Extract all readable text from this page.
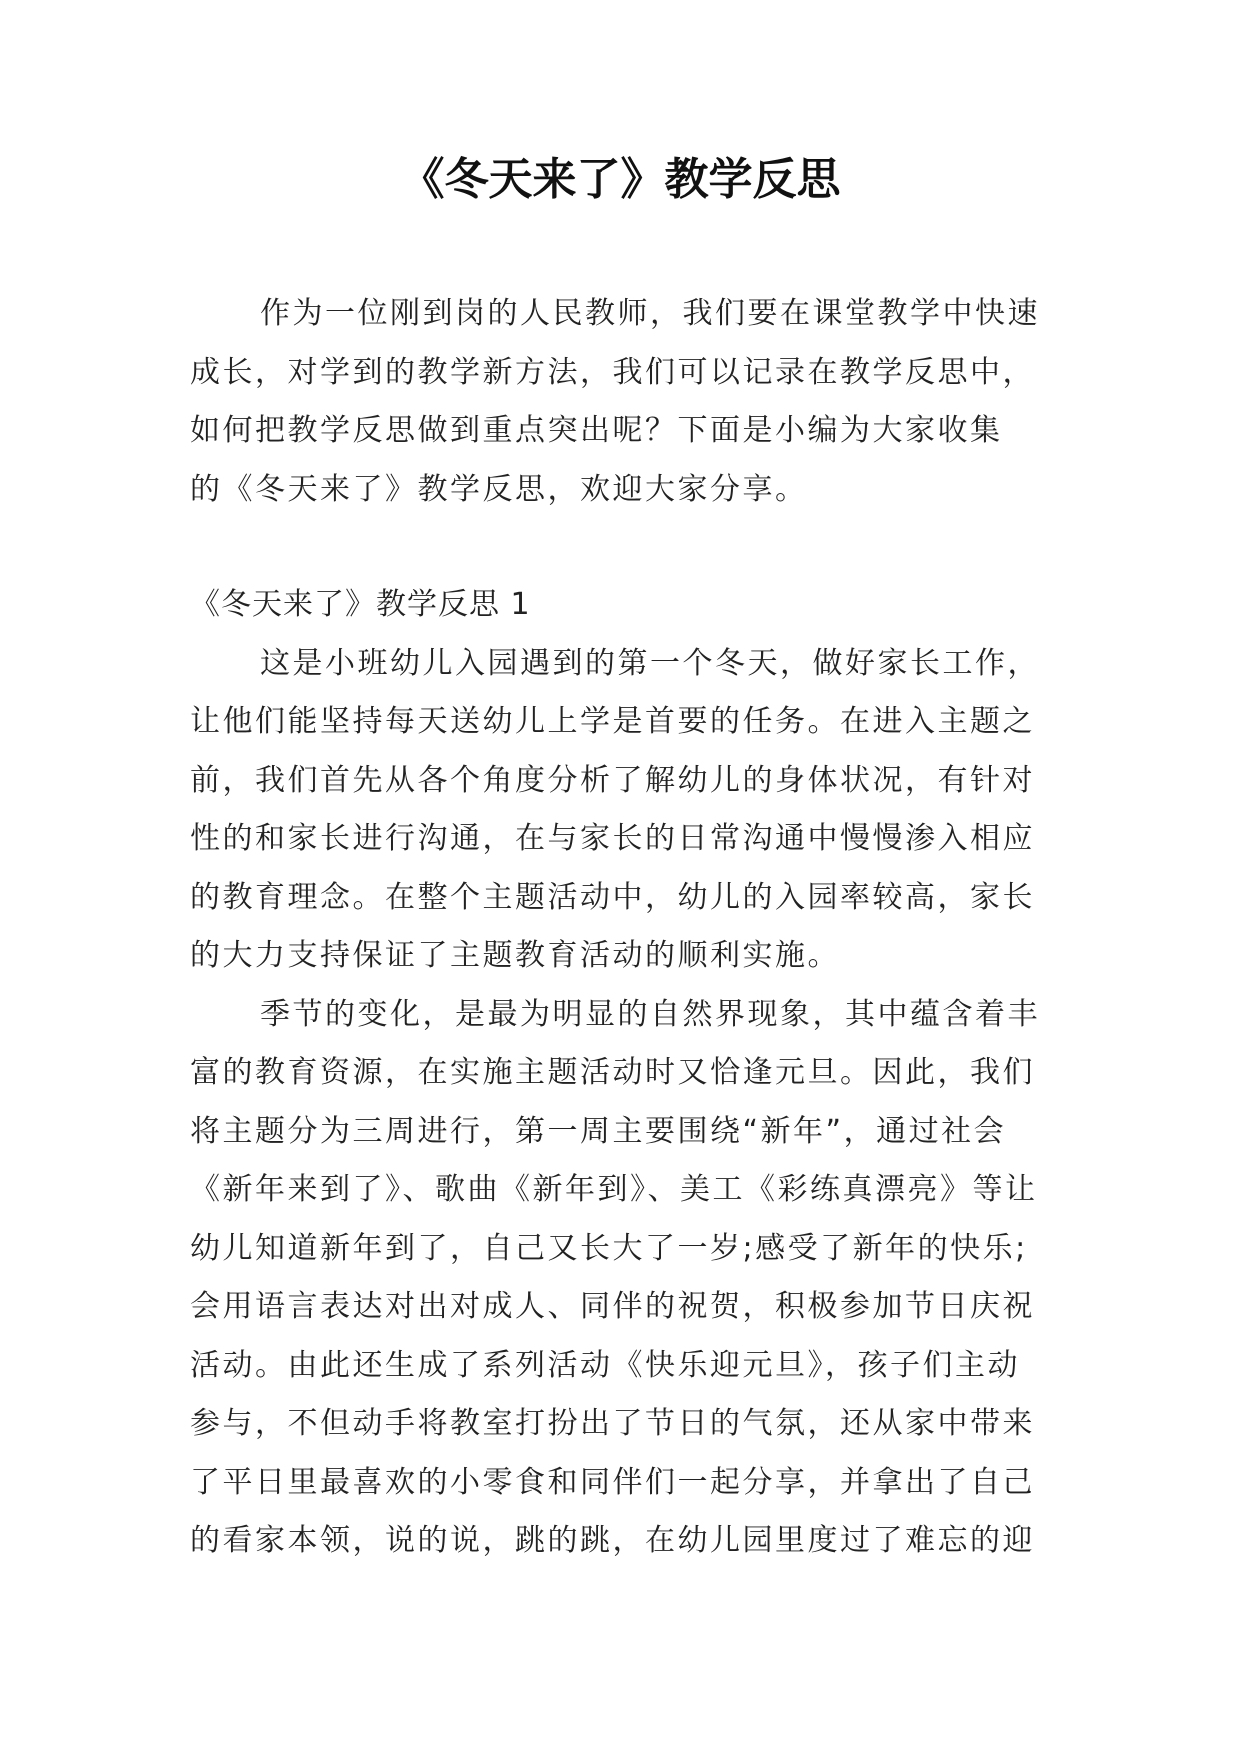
《冬天来了》教学反思
作为一位刚到岗的人民教师，我们要在课堂教学中快速
成长，对学到的教学新方法，我们可以记录在教学反思中，
如何把教学反思做到重点突出呢？下面是小编为大家收集
的《冬天来了》教学反思，欢迎大家分享。
《冬天来了》教学反思 1
这是小班幼儿入园遇到的第一个冬天，做好家长工作，
让他们能坚持每天送幼儿上学是首要的任务。在进入主题之
前，我们首先从各个角度分析了解幼儿的身体状况，有针对
性的和家长进行沟通，在与家长的日常沟通中慢慢渗入相应
的教育理念。在整个主题活动中，幼儿的入园率较高，家长
的大力支持保证了主题教育活动的顺利实施。
季节的变化，是最为明显的自然界现象，其中蕴含着丰
富的教育资源，在实施主题活动时又恰逢元旦。因此，我们
将主题分为三周进行，第一周主要围绕“新年”，通过社会
《新年来到了》、歌曲《新年到》、美工《彩练真漂亮》等让
幼儿知道新年到了，自己又长大了一岁;感受了新年的快乐;
会用语言表达对出对成人、同伴的祝贺，积极参加节日庆祝
活动。由此还生成了系列活动《快乐迎元旦》，孩子们主动
参与，不但动手将教室打扮出了节日的气氛，还从家中带来
了平日里最喜欢的小零食和同伴们一起分享，并拿出了自己
的看家本领，说的说，跳的跳，在幼儿园里度过了难忘的迎
